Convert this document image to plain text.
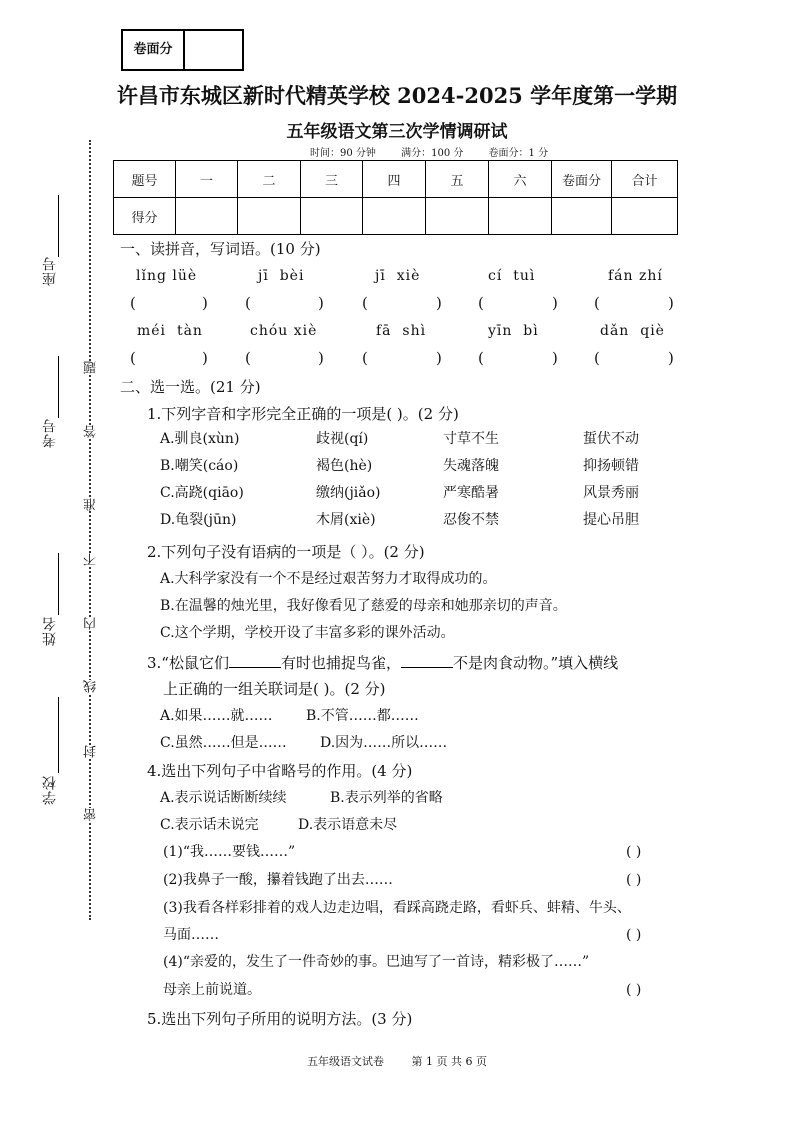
卷面分
许昌市东城区新时代精英学校 2024-2025 学年度第一学期
五年级语文第三次学情调研试
时间：90 分钟	满分：100 分	卷面分：1 分
题号	一	二	三	四	五	六	卷面分	合计
得分								
座号
考号
姓名
学校
题
答
准
不
内
线
封
密
一、读拼音，写词语。(10 分)
lǐng lüè	jī  bèi	jī  xiè	cí  tuì	fán zhí
(	) (	)	(	) (	) (	)
méi  tàn	chóu xiè	fā  shì	yīn  bì	dǎn  qiè
(	) (	)	(	) (	) (	)
二、选一选。(21 分)
1.下列字音和字形完全正确的一项是( )。(2 分)
A.驯良(xùn)	歧视(qí)	寸草不生	蜇伏不动
B.嘲笑(cáo)	褐色(hè)	失魂落魄	抑扬顿错
C.高跷(qiāo)	缴纳(jiǎo)	严寒酷暑	风景秀丽
D.龟裂(jūn)	木屑(xiè)	忍俊不禁	提心吊胆
2.下列句子没有语病的一项是（ ）。(2 分)
A.大科学家没有一个不是经过艰苦努力才取得成功的。
B.在温馨的烛光里，我好像看见了慈爱的母亲和她那亲切的声音。
C.这个学期，学校开设了丰富多彩的课外活动。
3.“松鼠它们	有时也捕捉鸟雀，	不是肉食动物。”填入横线
上正确的一组关联词是( )。(2 分)
A.如果……就…… B.不管……都……
C.虽然……但是…… D.因为……所以……
4.选出下列句子中省略号的作用。(4 分)
A.表示说话断断续续	B.表示列举的省略
C.表示话未说完	D.表示语意未尽
(1)“我……要钱……”	( )
(2)我鼻子一酸，攥着钱跑了出去……	( )
(3)我看各样彩排着的戏人边走边唱，看踩高跷走路，看虾兵、蚌精、牛头、
马面……	( )
(4)“亲爱的，发生了一件奇妙的事。巴迪写了一首诗，精彩极了……”
母亲上前说道。	( )
5.选出下列句子所用的说明方法。(3 分)
五年级语文试卷	第 1 页 共 6 页
